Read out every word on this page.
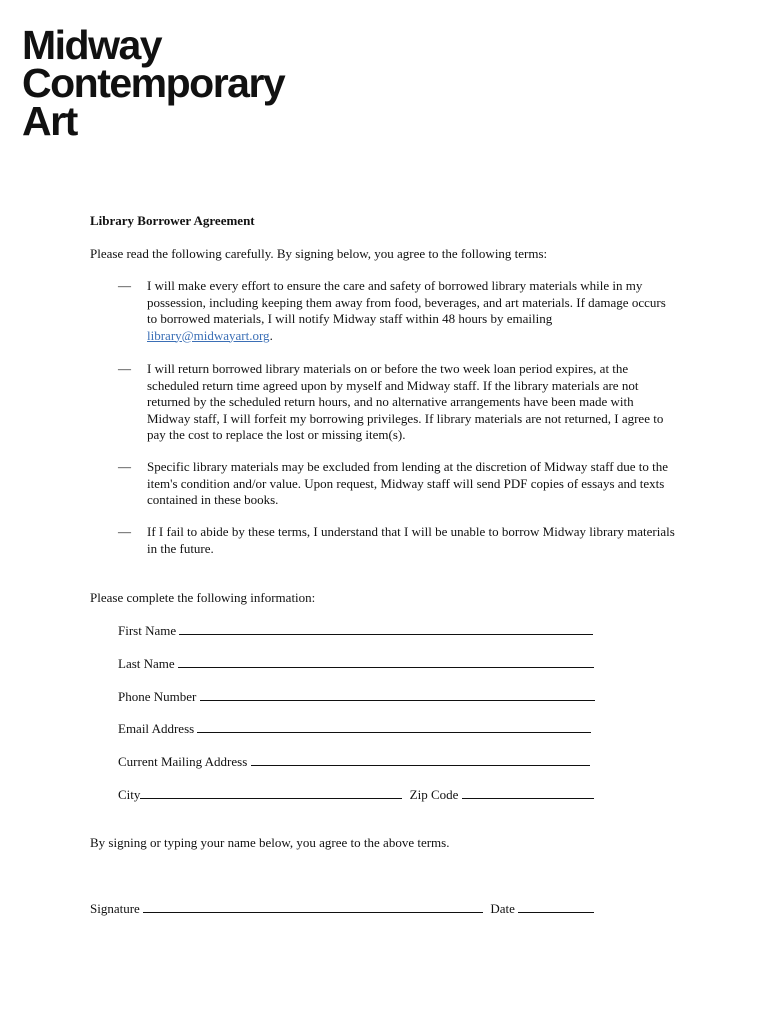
Midway
Contemporary
Art
Library Borrower Agreement
Please read the following carefully. By signing below, you agree to the following terms:
— I will make every effort to ensure the care and safety of borrowed library materials while in my possession, including keeping them away from food, beverages, and art materials. If damage occurs to borrowed materials, I will notify Midway staff within 48 hours by emailing library@midwayart.org.
— I will return borrowed library materials on or before the two week loan period expires, at the scheduled return time agreed upon by myself and Midway staff. If the library materials are not returned by the scheduled return hours, and no alternative arrangements have been made with Midway staff, I will forfeit my borrowing privileges. If library materials are not returned, I agree to pay the cost to replace the lost or missing item(s).
— Specific library materials may be excluded from lending at the discretion of Midway staff due to the item's condition and/or value. Upon request, Midway staff will send PDF copies of essays and texts contained in these books.
— If I fail to abide by these terms, I understand that I will be unable to borrow Midway library materials in the future.
Please complete the following information:
First Name
Last Name
Phone Number
Email Address
Current Mailing Address
City	Zip Code
By signing or typing your name below, you agree to the above terms.
Signature	Date
